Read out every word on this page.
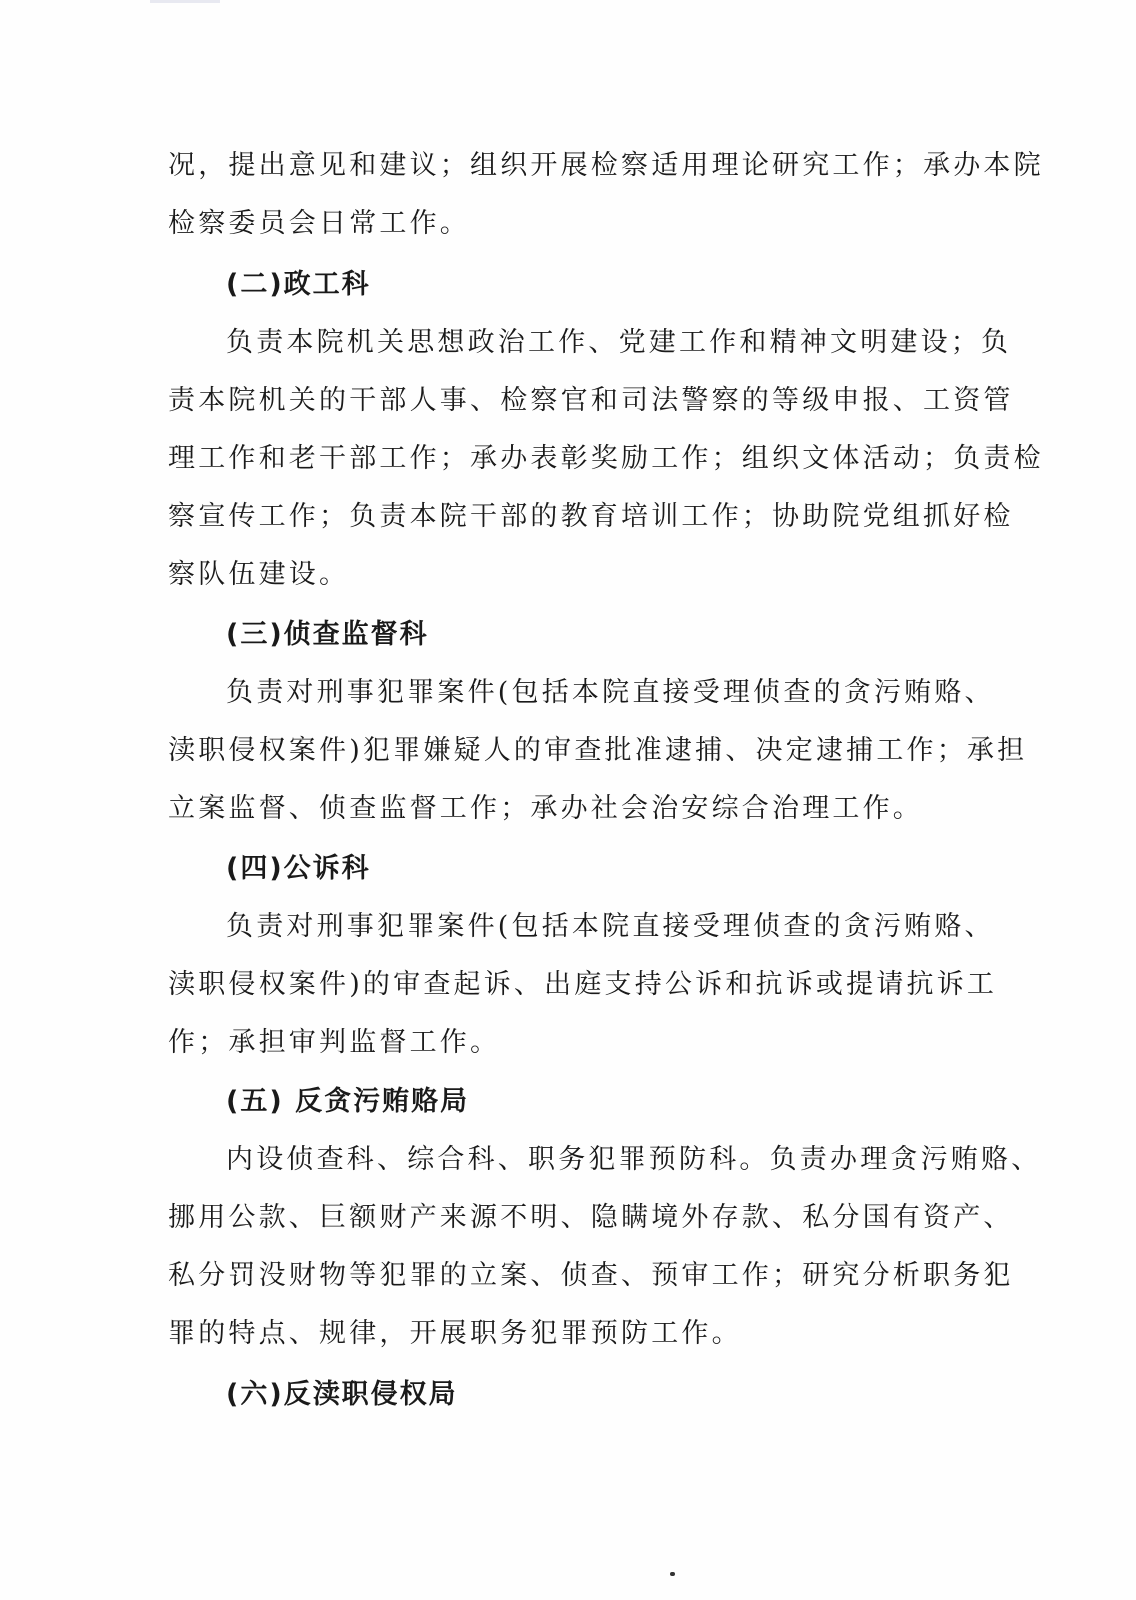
况，提出意见和建议；组织开展检察适用理论研究工作；承办本院
检察委员会日常工作。
(二)政工科
负责本院机关思想政治工作、党建工作和精神文明建设；负
责本院机关的干部人事、检察官和司法警察的等级申报、工资管
理工作和老干部工作；承办表彰奖励工作；组织文体活动；负责检
察宣传工作；负责本院干部的教育培训工作；协助院党组抓好检
察队伍建设。
(三)侦查监督科
负责对刑事犯罪案件(包括本院直接受理侦查的贪污贿赂、
渎职侵权案件)犯罪嫌疑人的审查批准逮捕、决定逮捕工作；承担
立案监督、侦查监督工作；承办社会治安综合治理工作。
(四)公诉科
负责对刑事犯罪案件(包括本院直接受理侦查的贪污贿赂、
渎职侵权案件)的审查起诉、出庭支持公诉和抗诉或提请抗诉工
作；承担审判监督工作。
(五) 反贪污贿赂局
内设侦查科、综合科、职务犯罪预防科。负责办理贪污贿赂、
挪用公款、巨额财产来源不明、隐瞒境外存款、私分国有资产、
私分罚没财物等犯罪的立案、侦查、预审工作；研究分析职务犯
罪的特点、规律，开展职务犯罪预防工作。
(六)反渎职侵权局
